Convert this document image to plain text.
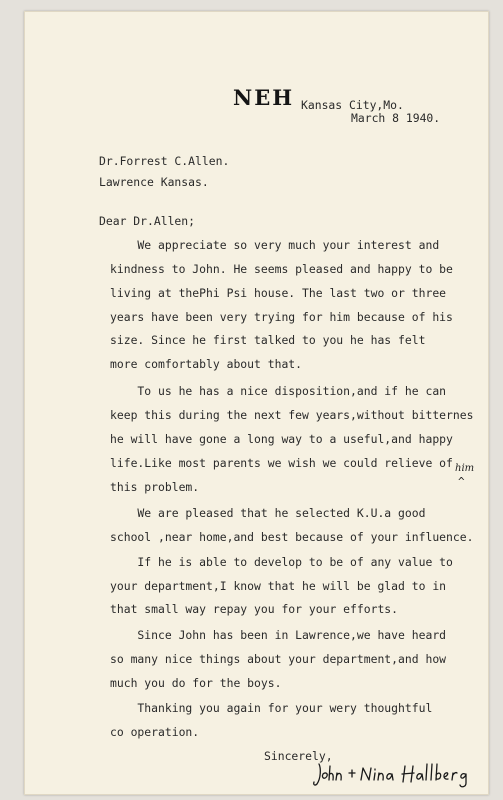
NEH Kansas City,Mo.
March 8 1940.
Dr.Forrest C.Allen.
Lawrence Kansas.
Dear Dr.Allen;
We appreciate so very much your interest and
kindness to John. He seems pleased and happy to be
living at thePhi Psi house. The last two or three
years have been very trying for him because of his
size. Since he first talked to you he has felt
more comfortably about that.
To us he has a nice disposition,and if he can
keep this during the next few years,without bitternes
he will have gone a long way to a useful,and happy
life.Like most parents we wish we could relieve of
this problem.
We are pleased that he selected K.U.a good
school ,near home,and best because of your influence.
If he is able to develop to be of any value to
your department,I know that he will be glad to in
that small way repay you for your efforts.
Since John has been in Lawrence,we have heard
so many nice things about your department,and how
much you do for the boys.
Thanking you again for your wery thoughtful
co operation.
him
^
Sincerely,
